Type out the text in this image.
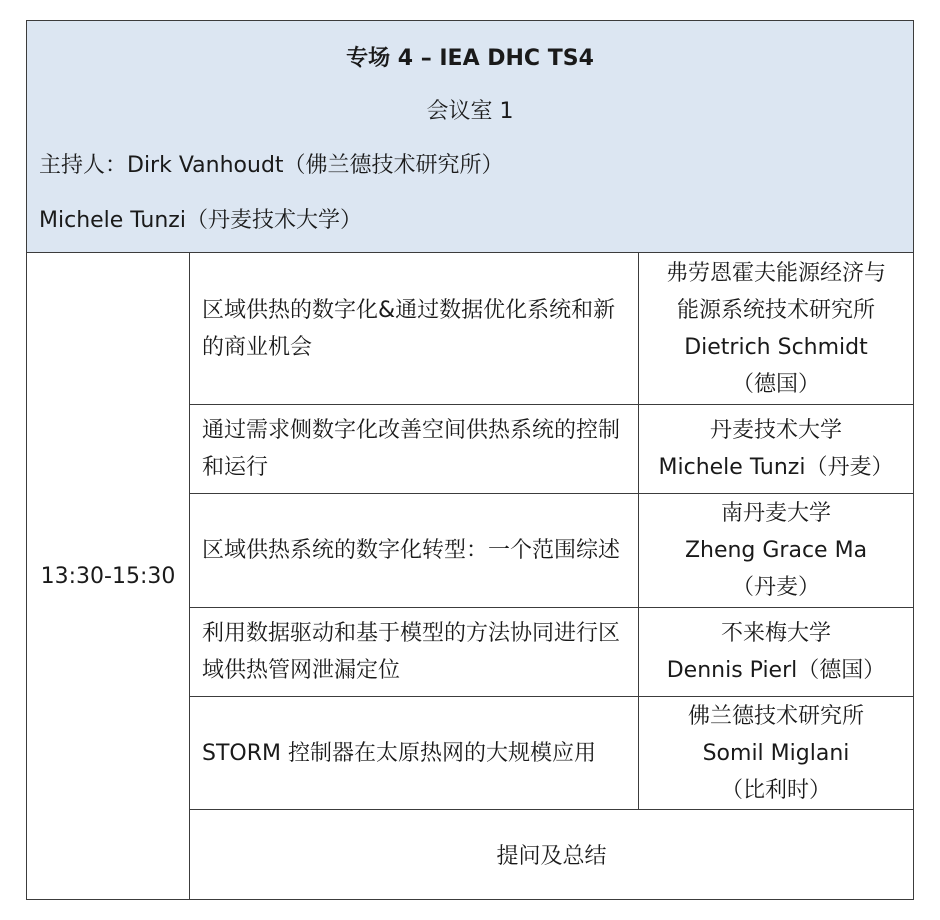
专场 4 – IEA DHC TS4
会议室 1
主持人：Dirk Vanhoudt（佛兰德技术研究所）
Michele Tunzi（丹麦技术大学）
13:30-15:30
区域供热的数字化&通过数据优化系统和新的商业机会
弗劳恩霍夫能源经济与
能源系统技术研究所
Dietrich Schmidt
（德国）
通过需求侧数字化改善空间供热系统的控制和运行
丹麦技术大学
Michele Tunzi（丹麦）
区域供热系统的数字化转型：一个范围综述
南丹麦大学
Zheng Grace Ma
（丹麦）
利用数据驱动和基于模型的方法协同进行区域供热管网泄漏定位
不来梅大学
Dennis Pierl（德国）
STORM 控制器在太原热网的大规模应用
佛兰德技术研究所
Somil Miglani
（比利时）
提问及总结
